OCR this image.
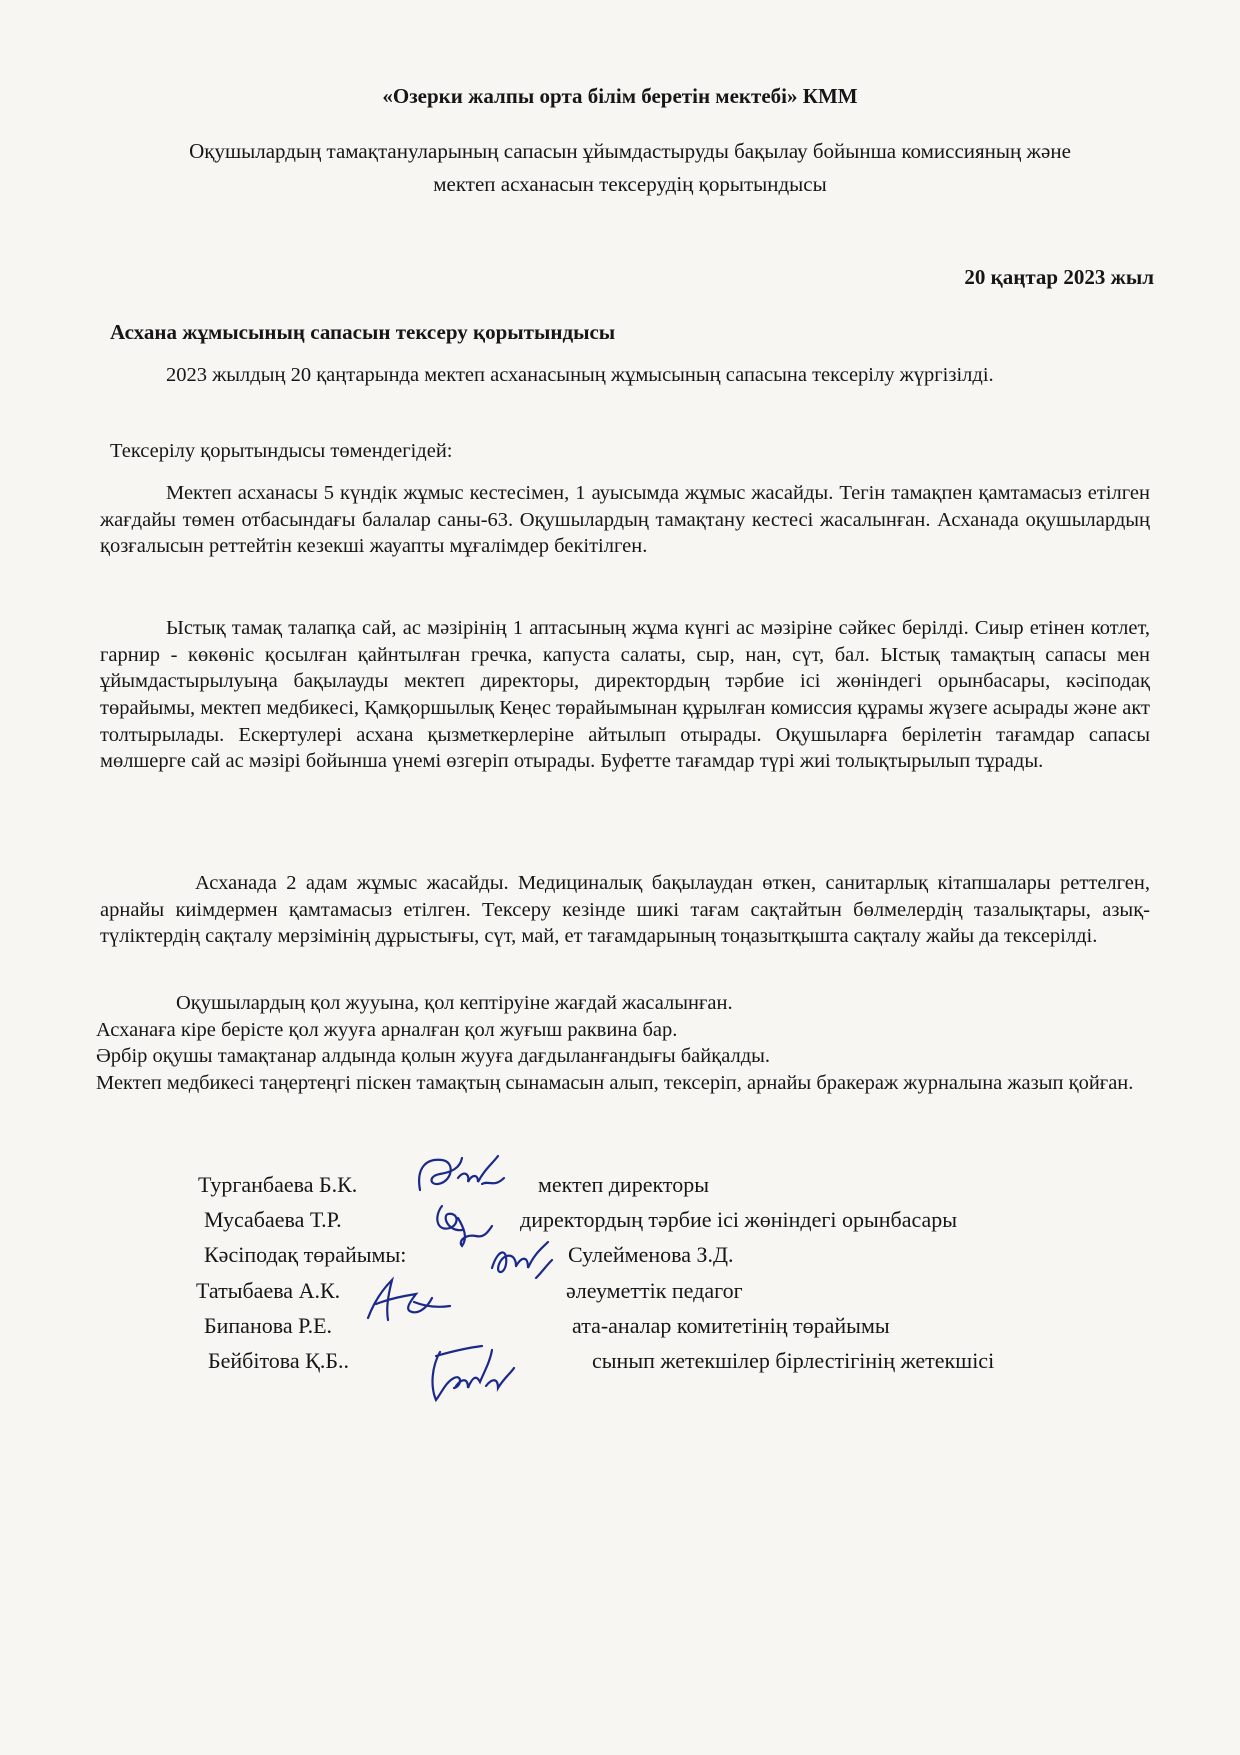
«Озерки жалпы орта білім беретін мектебі» КММ
Оқушылардың тамақтануларының сапасын ұйымдастыруды бақылау бойынша комиссияның және
мектеп асханасын тексерудің қорытындысы
20 қаңтар 2023 жыл
Асхана жұмысының сапасын тексеру қорытындысы

2023 жылдың 20 қаңтарында мектеп асханасының жұмысының сапасына тексерілу жүргізілді.

Тексерілу қорытындысы төмендегідей:

Мектеп асханасы 5 күндік жұмыс кестесімен, 1 ауысымда жұмыс жасайды. Тегін тамақпен қамтамасыз етілген жағдайы төмен отбасындағы балалар саны-63. Оқушылардың тамақтану кестесі жасалынған. Асханада оқушылардың қозғалысын реттейтін кезекші жауапты мұғалімдер бекітілген.

Ыстық тамақ талапқа сай, ас мәзірінің 1 аптасының жұма күнгі ас мәзіріне сәйкес берілді. Сиыр етінен котлет, гарнир - көкөніс қосылған қайнтылған гречка, капуста салаты, сыр, нан, сүт, бал. Ыстық тамақтың сапасы мен ұйымдастырылуыңа бақылауды мектеп директоры, директордың тәрбие ісі жөніндегі орынбасары, кәсіподақ төрайымы, мектеп медбикесі, Қамқоршылық Кеңес төрайымынан құрылған комиссия құрамы жүзеге асырады және акт толтырылады. Ескертулері асхана қызметкерлеріне айтылып отырады. Оқушыларға берілетін тағамдар сапасы мөлшерге сай ас мәзірі бойынша үнемі өзгеріп отырады. Буфетте тағамдар түрі жиі толықтырылып тұрады.

Асханада 2 адам жұмыс жасайды. Медициналық бақылаудан өткен, санитарлық кітапшалары реттелген, арнайы киімдермен қамтамасыз етілген. Тексеру кезінде шикі тағам сақтайтын бөлмелердің тазалықтары, азық-түліктердің сақталу мерзімінің дұрыстығы, сүт, май, ет тағамдарының тоңазытқышта сақталу жайы да тексерілді.

Оқушылардың қол жууына, қол кептіруіне жағдай жасалынған.

Асханаға кіре берісте қол жууға арналған қол жуғыш раквина бар.

Әрбір оқушы тамақтанар алдында қолын жууға дағдыланғандығы байқалды.

Мектеп медбикесі таңертеңгі піскен тамақтың сынамасын алып, тексеріп, арнайы бракераж журналына жазып қойған.

Турганбаева Б.К.	мектеп директоры
Мусабаева Т.Р.	директордың тәрбие ісі жөніндегі орынбасары
Кәсіподақ төрайымы:	Сулейменова З.Д.
Татыбаева А.К.	әлеуметтік педагог
Бипанова Р.Е.	ата-аналар комитетінің төрайымы
Бейбітова Қ.Б..	сынып жетекшілер бірлестігінің жетекшісі
